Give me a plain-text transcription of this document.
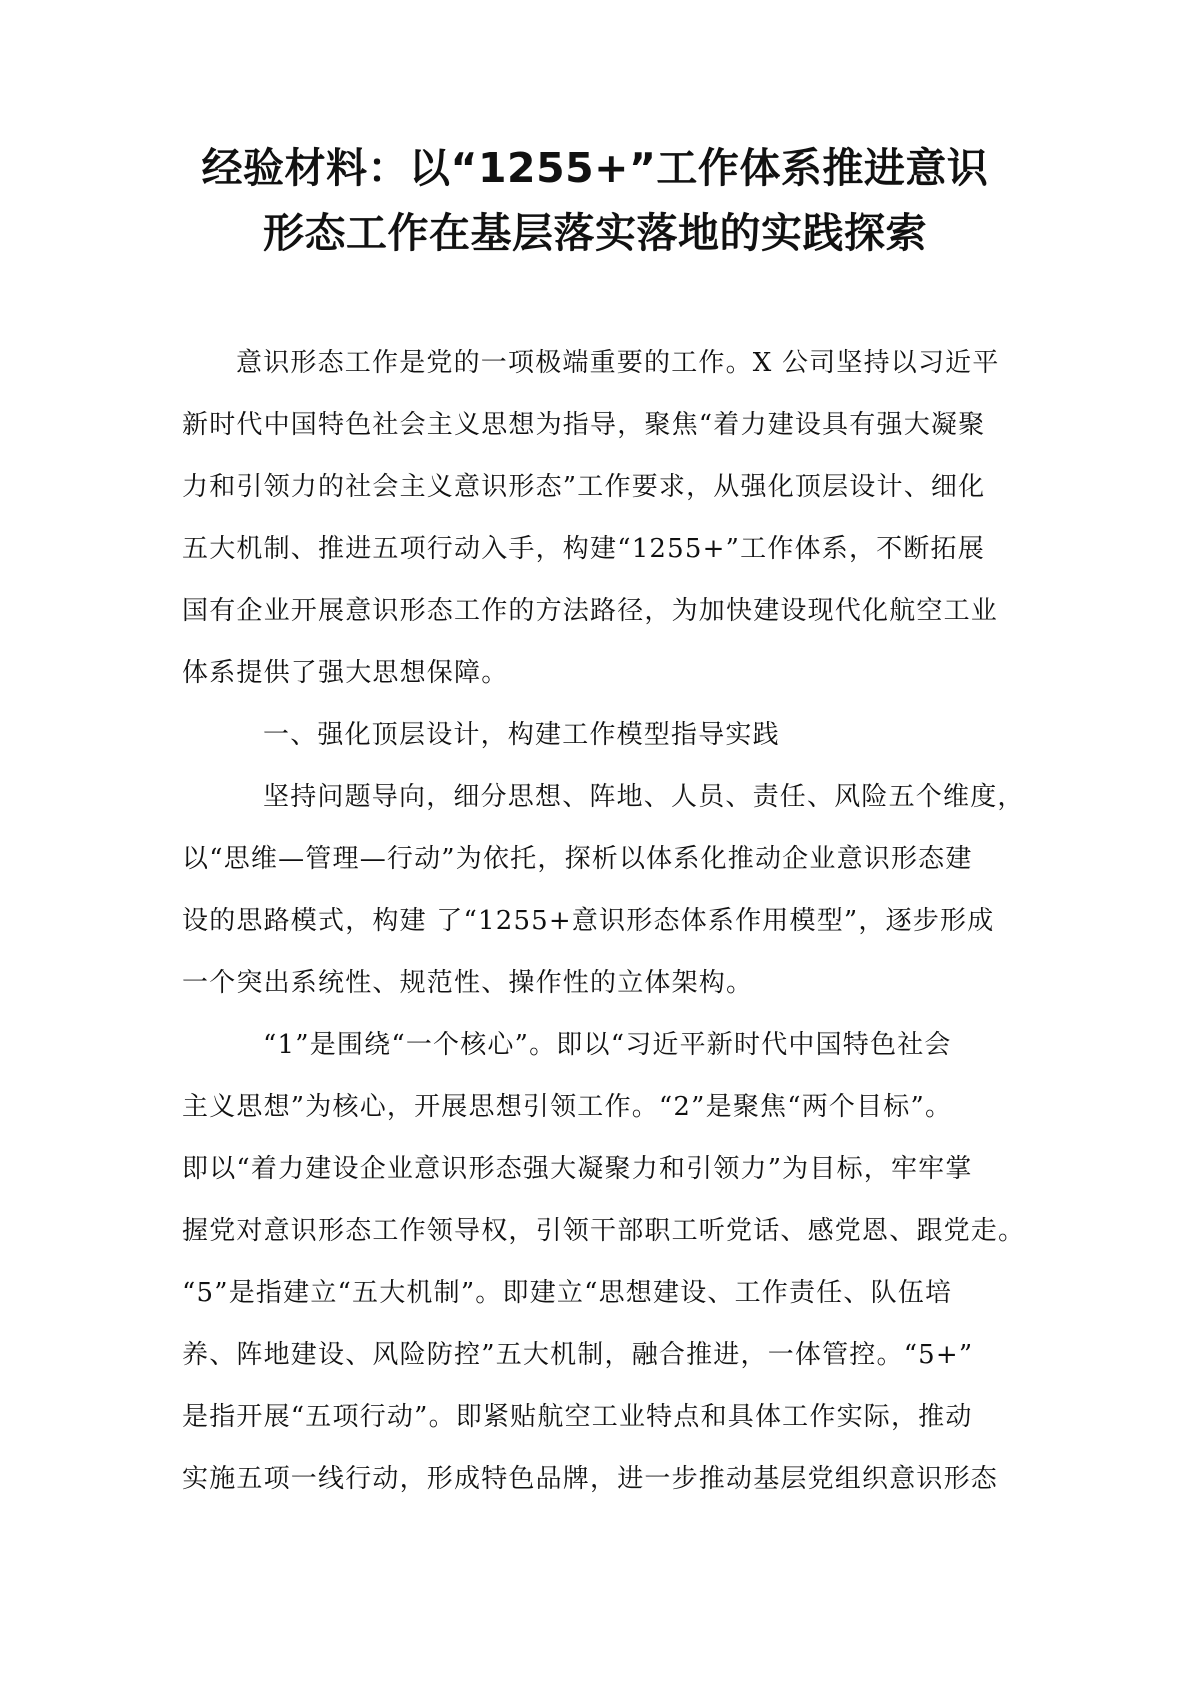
经验材料：以“1255+”工作体系推进意识
形态工作在基层落实落地的实践探索
意识形态工作是党的一项极端重要的工作。X 公司坚持以习近平
新时代中国特色社会主义思想为指导，聚焦“着力建设具有强大凝聚
力和引领力的社会主义意识形态”工作要求，从强化顶层设计、细化
五大机制、推进五项行动入手，构建“1255+”工作体系，不断拓展
国有企业开展意识形态工作的方法路径，为加快建设现代化航空工业
体系提供了强大思想保障。
一、强化顶层设计，构建工作模型指导实践
坚持问题导向，细分思想、阵地、人员、责任、风险五个维度，
以“思维—管理—行动”为依托，探析以体系化推动企业意识形态建
设的思路模式，构建 了“1255+意识形态体系作用模型”，逐步形成
一个突出系统性、规范性、操作性的立体架构。
“1”是围绕“一个核心”。即以“习近平新时代中国特色社会
主义思想”为核心，开展思想引领工作。“2”是聚焦“两个目标”。
即以“着力建设企业意识形态强大凝聚力和引领力”为目标，牢牢掌
握党对意识形态工作领导权，引领干部职工听党话、感党恩、跟党走。
“5”是指建立“五大机制”。即建立“思想建设、工作责任、队伍培
养、阵地建设、风险防控”五大机制，融合推进，一体管控。“5+”
是指开展“五项行动”。即紧贴航空工业特点和具体工作实际，推动
实施五项一线行动，形成特色品牌，进一步推动基层党组织意识形态
